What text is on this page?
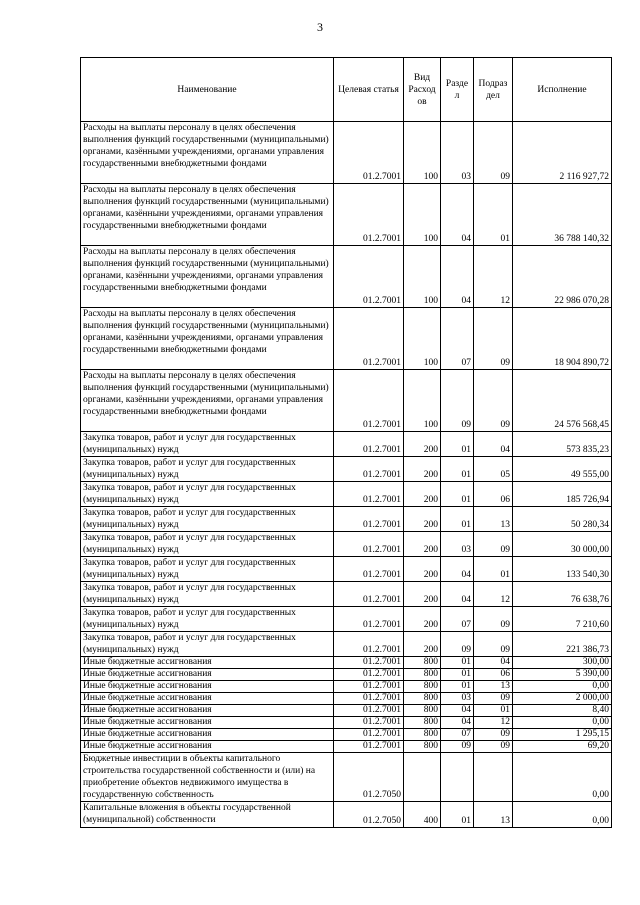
3
Наименование	Целевая статья	Вид Расход ов	Разде л	Подраз дел	Исполнение
Расходы на выплаты персоналу в целях обеспечения выполнения функций государственными (муниципальными) органами, казёнными учреждениями, органами управления государственными внебюджетными фондами	01.2.7001	100	03	09	2 116 927,72
Расходы на выплаты персоналу в целях обеспечения выполнения функций государственными (муниципальными) органами, казённыни учреждениями, органами управления государственными внебюджетными фондами	01.2.7001	100	04	01	36 788 140,32
Расходы на выплаты персоналу в целях обеспечения выполнения функций государственными (муниципальными) органами, казённыни учреждениями, органами управления государственными внебюджетными фондами	01.2.7001	100	04	12	22 986 070,28
Расходы на выплаты персоналу в целях обеспечения выполнения функций государственными (муниципальными) органами, казённыни учреждениями, органами управления государственными внебюджетными фондами	01.2.7001	100	07	09	18 904 890,72
Расходы на выплаты персоналу в целях обеспечения выполнения функций государственными (муниципальными) органами, казённыни учреждениями, органами управления государственными внебюджетными фондами	01.2.7001	100	09	09	24 576 568,45
Закупка товаров, работ и услуг для государственных (муниципальных) нужд	01.2.7001	200	01	04	573 835,23
Закупка товаров, работ и услуг для государственных (муниципальных) нужд	01.2.7001	200	01	05	49 555,00
Закупка товаров, работ и услуг для государственных (муниципальных) нужд	01.2.7001	200	01	06	185 726,94
Закупка товаров, работ и услуг для государственных (муниципальных) нужд	01.2.7001	200	01	13	50 280,34
Закупка товаров, работ и услуг для государственных (муниципальных) нужд	01.2.7001	200	03	09	30 000,00
Закупка товаров, работ и услуг для государственных (муниципальных) нужд	01.2.7001	200	04	01	133 540,30
Закупка товаров, работ и услуг для государственных (муниципальных) нужд	01.2.7001	200	04	12	76 638,76
Закупка товаров, работ и услуг для государственных (муниципальных) нужд	01.2.7001	200	07	09	7 210,60
Закупка товаров, работ и услуг для государственных (муниципальных) нужд	01.2.7001	200	09	09	221 386,73
Иные бюджетные ассигнования	01.2.7001	800	01	04	300,00
Иные бюджетные ассигнования	01.2.7001	800	01	06	5 390,00
Иные бюджетные ассигнования	01.2.7001	800	01	13	0,00
Иные бюджетные ассигнования	01.2.7001	800	03	09	2 000,00
Иные бюджетные ассигнования	01.2.7001	800	04	01	8,40
Иные бюджетные ассигнования	01.2.7001	800	04	12	0,00
Иные бюджетные ассигнования	01.2.7001	800	07	09	1 295,15
Иные бюджетные ассигнования	01.2.7001	800	09	09	69,20
Бюджетные инвестиции в объекты капитального строительства государственной собственности и (или) на приобретение объектов недвижимого имущества в государственную собственность	01.2.7050				0,00
Капитальные вложения в объекты государственной (муниципальной) собственности	01.2.7050	400	01	13	0,00
